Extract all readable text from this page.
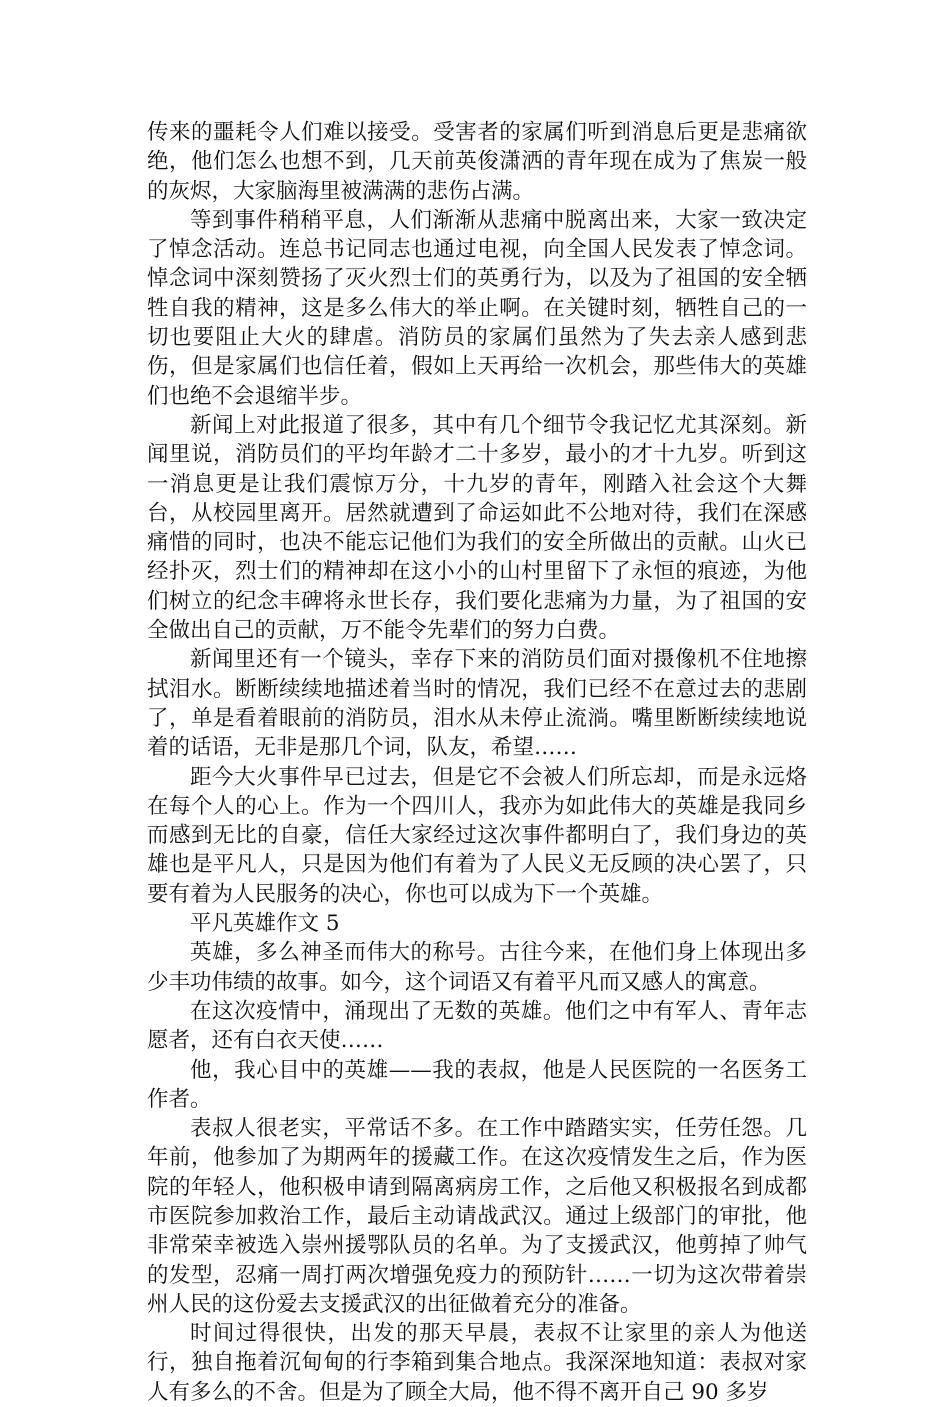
传来的噩耗令人们难以接受。受害者的家属们听到消息后更是悲痛欲绝，他们怎么也想不到，几天前英俊潇洒的青年现在成为了焦炭一般的灰烬，大家脑海里被满满的悲伤占满。

等到事件稍稍平息，人们渐渐从悲痛中脱离出来，大家一致决定了悼念活动。连总书记同志也通过电视，向全国人民发表了悼念词。悼念词中深刻赞扬了灭火烈士们的英勇行为，以及为了祖国的安全牺牲自我的精神，这是多么伟大的举止啊。在关键时刻，牺牲自己的一切也要阻止大火的肆虐。消防员的家属们虽然为了失去亲人感到悲伤，但是家属们也信任着，假如上天再给一次机会，那些伟大的英雄们也绝不会退缩半步。

新闻上对此报道了很多，其中有几个细节令我记忆尤其深刻。新闻里说，消防员们的平均年龄才二十多岁，最小的才十九岁。听到这一消息更是让我们震惊万分，十九岁的青年，刚踏入社会这个大舞台，从校园里离开。居然就遭到了命运如此不公地对待，我们在深感痛惜的同时，也决不能忘记他们为我们的安全所做出的贡献。山火已经扑灭，烈士们的精神却在这小小的山村里留下了永恒的痕迹，为他们树立的纪念丰碑将永世长存，我们要化悲痛为力量，为了祖国的安全做出自己的贡献，万不能令先辈们的努力白费。

新闻里还有一个镜头，幸存下来的消防员们面对摄像机不住地擦拭泪水。断断续续地描述着当时的情况，我们已经不在意过去的悲剧了，单是看着眼前的消防员，泪水从未停止流淌。嘴里断断续续地说着的话语，无非是那几个词，队友，希望……

距今大火事件早已过去，但是它不会被人们所忘却，而是永远烙在每个人的心上。作为一个四川人，我亦为如此伟大的英雄是我同乡而感到无比的自豪，信任大家经过这次事件都明白了，我们身边的英雄也是平凡人，只是因为他们有着为了人民义无反顾的决心罢了，只要有着为人民服务的决心，你也可以成为下一个英雄。

平凡英雄作文 5

英雄，多么神圣而伟大的称号。古往今来，在他们身上体现出多少丰功伟绩的故事。如今，这个词语又有着平凡而又感人的寓意。

在这次疫情中，涌现出了无数的英雄。他们之中有军人、青年志愿者，还有白衣天使……

他，我心目中的英雄——我的表叔，他是人民医院的一名医务工作者。

表叔人很老实，平常话不多。在工作中踏踏实实，任劳任怨。几年前，他参加了为期两年的援藏工作。在这次疫情发生之后，作为医院的年轻人，他积极申请到隔离病房工作，之后他又积极报名到成都市医院参加救治工作，最后主动请战武汉。通过上级部门的审批，他非常荣幸被选入崇州援鄂队员的名单。为了支援武汉，他剪掉了帅气的发型，忍痛一周打两次增强免疫力的预防针……一切为这次带着崇州人民的这份爱去支援武汉的出征做着充分的准备。

时间过得很快，出发的那天早晨，表叔不让家里的亲人为他送行，独自拖着沉甸甸的行李箱到集合地点。我深深地知道：表叔对家人有多么的不舍。但是为了顾全大局，他不得不离开自己 90 多岁
